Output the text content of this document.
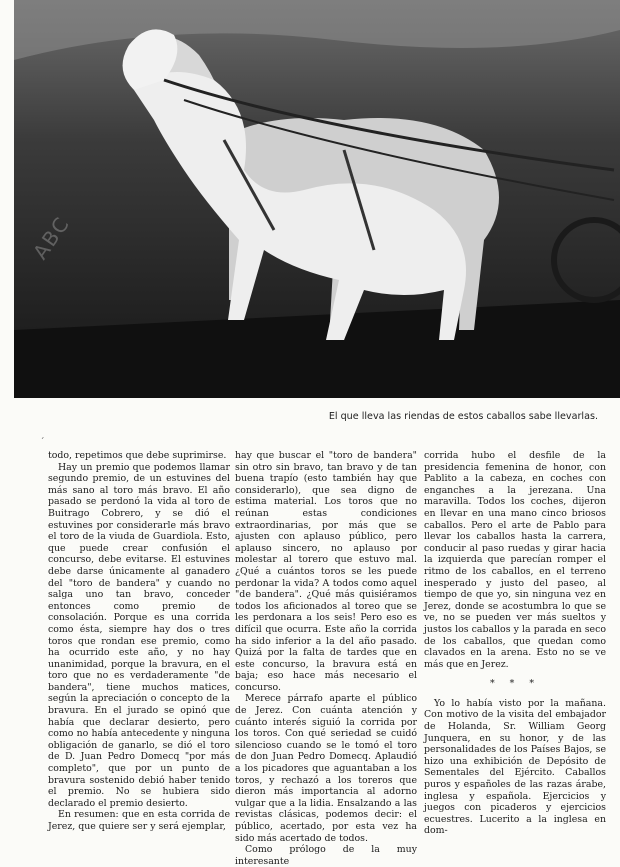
ABC
El que lleva las riendas de estos caballos sabe llevarlas.
´

todo, repetimos que debe suprimirse.

Hay un premio que podemos llamar segundo premio, de un estuvines del más sano al toro más bravo. El año pasado se perdonó la vida al toro de Buitrago Cobrero, y se dió el estuvines por considerarle más bravo el toro de la viuda de Guardiola. Esto, que puede crear confusión el concurso, debe evitarse. El estuvines debe darse únicamente al ganadero del "toro de bandera" y cuando no salga uno tan bravo, conceder entonces como premio de consolación. Porque es una corrida como ésta, siempre hay dos o tres toros que rondan ese premio, como ha ocurrido este año, y no hay unanimidad, porque la bravura, en el toro que no es verdaderamente "de bandera", tiene muchos matices, según la apreciación o concepto de la bravura. En el jurado se opinó que había que declarar desierto, pero como no había antecedente y ninguna obligación de ganarlo, se dió el toro de D. Juan Pedro Domecq "por más completo", que por un punto de bravura sostenido debió haber tenido el premio. No se hubiera sido declarado el premio desierto.

En resumen: que en esta corrida de Jerez, que quiere ser y será ejemplar,

hay que buscar el "toro de bandera" sin otro sin bravo, tan bravo y de tan buena trapío (esto también hay que considerarlo), que sea digno de estima material. Los toros que no reúnan estas condiciones extraordinarias, por más que se ajusten con aplauso público, pero aplauso sincero, no aplauso por molestar al torero que estuvo mal. ¿Qué a cuántos toros se les puede perdonar la vida? A todos como aquel "de bandera". ¿Qué más quisiéramos todos los aficionados al toreo que se les perdonara a los seis! Pero eso es difícil que ocurra. Este año la corrida ha sido inferior a la del año pasado. Quizá por la falta de tardes que en este concurso, la bravura está en baja; eso hace más necesario el concurso.

Merece párrafo aparte el público de Jerez. Con cuánta atención y cuánto interés siguió la corrida por los toros. Con qué seriedad se cuidó silencioso cuando se le tomó el toro de don Juan Pedro Domecq. Aplaudió a los picadores que aguantaban a los toros, y rechazó a los toreros que dieron más importancia al adorno vulgar que a la lidia. Ensalzando a las revistas clásicas, podemos decir: el público, acertado, por esta vez ha sido más acertado de todos.

Como prólogo de la muy interesante

corrida hubo el desfile de la presidencia femenina de honor, con Pablito a la cabeza, en coches con enganches a la jerezana. Una maravilla. Todos los coches, dijeron en llevar en una mano cinco briosos caballos. Pero el arte de Pablo para llevar los caballos hasta la carrera, conducir al paso ruedas y girar hacia la izquierda que parecían romper el ritmo de los caballos, en el terreno inesperado y justo del paseo, al tiempo de que yo, sin ninguna vez en Jerez, donde se acostumbra lo que se ve, no se pueden ver más sueltos y justos los caballos y la parada en seco de los caballos, que quedan como clavados en la arena. Esto no se ve más que en Jerez.

* * *

Yo lo había visto por la mañana. Con motivo de la visita del embajador de Holanda, Sr. William Georg Junquera, en su honor, y de las personalidades de los Países Bajos, se hizo una exhibición de Depósito de Sementales del Ejército. Caballos puros y españoles de las razas árabe, inglesa y española. Ejercicios y juegos con picaderos y ejercicios ecuestres. Lucerito a la inglesa en dom-
